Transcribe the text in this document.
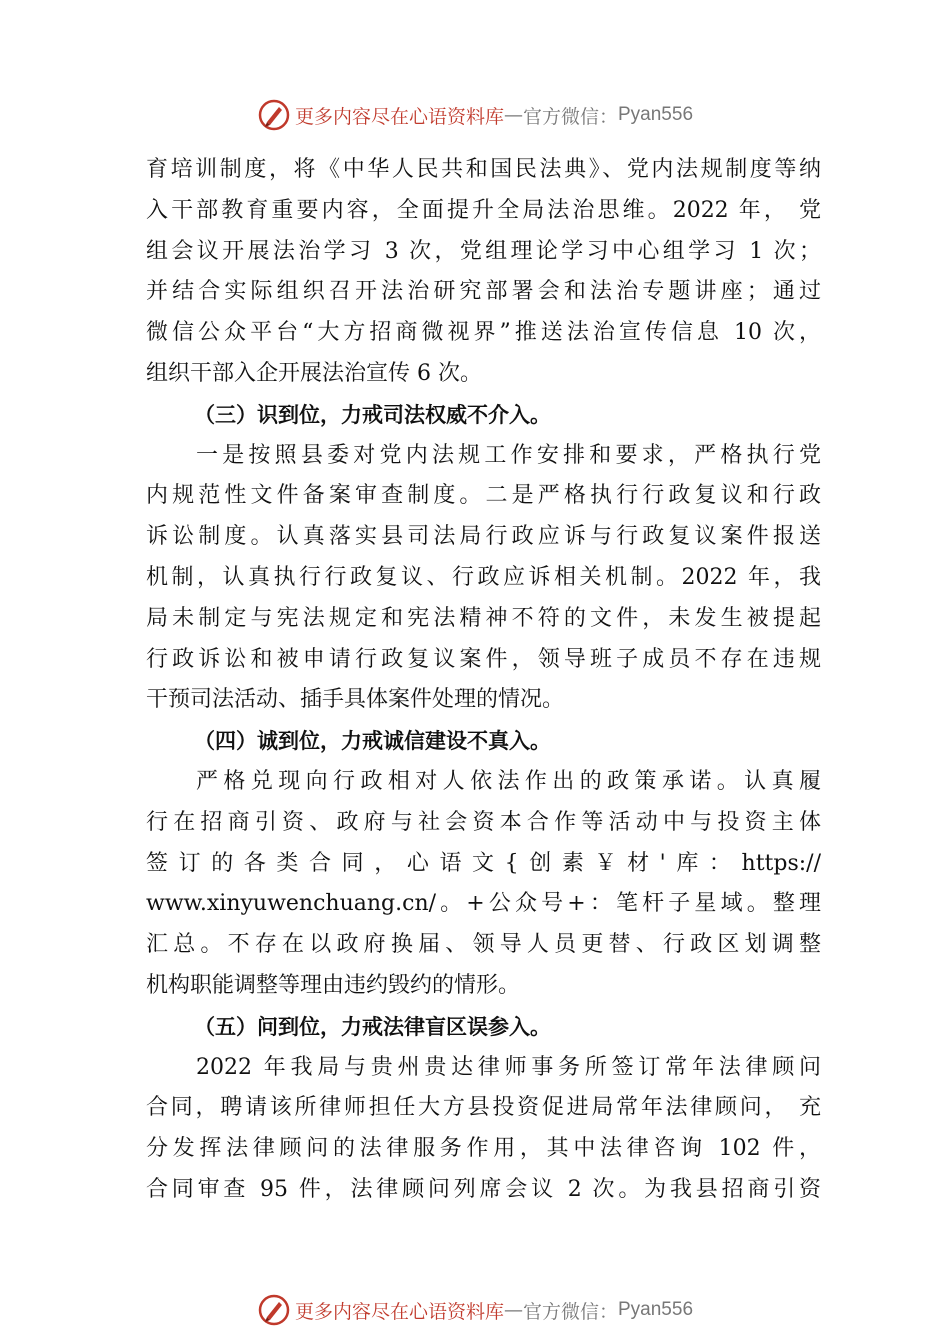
更多内容尽在心语资料库 — 官方微信： Pyan556
育培训制度，将《中华人民共和国民法典》、党内法规制度等纳
入干部教育重要内容，全面提升全局法治思维。2022 年， 党
组会议开展法治学习 3 次，党组理论学习中心组学习 1 次；
并结合实际组织召开法治研究部署会和法治专题讲座；通过
微信公众平台“大方招商微视界”推送法治宣传信息 10 次，
组织干部入企开展法治宣传 6 次。
（三）识到位，力戒司法权威不介入。
一是按照县委对党内法规工作安排和要求，严格执行党
内规范性文件备案审查制度。二是严格执行行政复议和行政
诉讼制度。认真落实县司法局行政应诉与行政复议案件报送
机制，认真执行行政复议、行政应诉相关机制。2022 年，我
局未制定与宪法规定和宪法精神不符的文件，未发生被提起
行政诉讼和被申请行政复议案件，领导班子成员不存在违规
干预司法活动、插手具体案件处理的情况。
（四）诚到位，力戒诚信建设不真入。
严格兑现向行政相对人依法作出的政策承诺。认真履
行在招商引资、政府与社会资本合作等活动中与投资主体
签订的各类合同，心语文{创素￥材'库：https://
www.xinyuwenchuang.cn/。+公众号+：笔杆子星域。整理
汇总。不存在以政府换届、领导人员更替、行政区划调整
机构职能调整等理由违约毁约的情形。
（五）问到位，力戒法律盲区误参入。
2022 年我局与贵州贵达律师事务所签订常年法律顾问
合同，聘请该所律师担任大方县投资促进局常年法律顾问， 充
分发挥法律顾问的法律服务作用，其中法律咨询 102 件，
合同审查 95 件，法律顾问列席会议 2 次。为我县招商引资
更多内容尽在心语资料库 — 官方微信： Pyan556
